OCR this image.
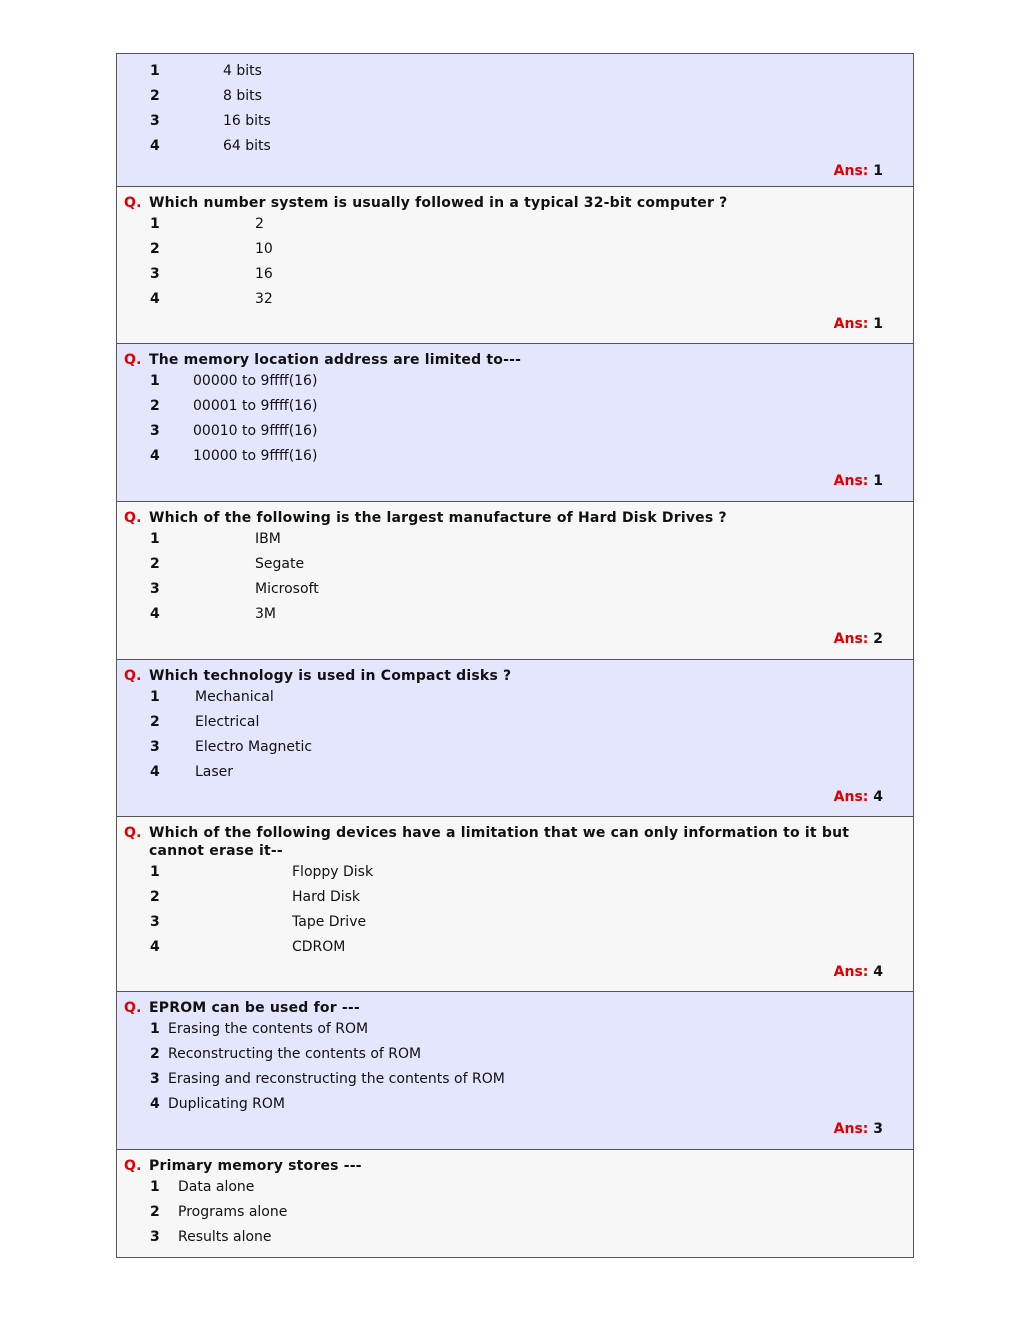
1	4 bits
2	8 bits
3	16 bits
4	64 bits
Ans: 1
Q. Which number system is usually followed in a typical 32-bit computer ?
1	2
2	10
3	16
4	32
Ans: 1
Q. The memory location address are limited to---
1 00000 to 9ffff(16)
2 00001 to 9ffff(16)
3 00010 to 9ffff(16)
4 10000 to 9ffff(16)
Ans: 1
Q. Which of the following is the largest manufacture of Hard Disk Drives ?
1	IBM
2	Segate
3	Microsoft
4	3M
Ans: 2
Q. Which technology is used in Compact disks ?
1	Mechanical
2	Electrical
3	Electro Magnetic
4	Laser
Ans: 4
Q. Which of the following devices have a limitation that we can only information to it but cannot erase it--
1	Floppy Disk
2	Hard Disk
3	Tape Drive
4	CDROM
Ans: 4
Q. EPROM can be used for ---
1 Erasing the contents of ROM
2 Reconstructing the contents of ROM
3 Erasing and reconstructing the contents of ROM
4 Duplicating ROM
Ans: 3
Q. Primary memory stores ---
1 Data alone
2 Programs alone
3 Results alone
